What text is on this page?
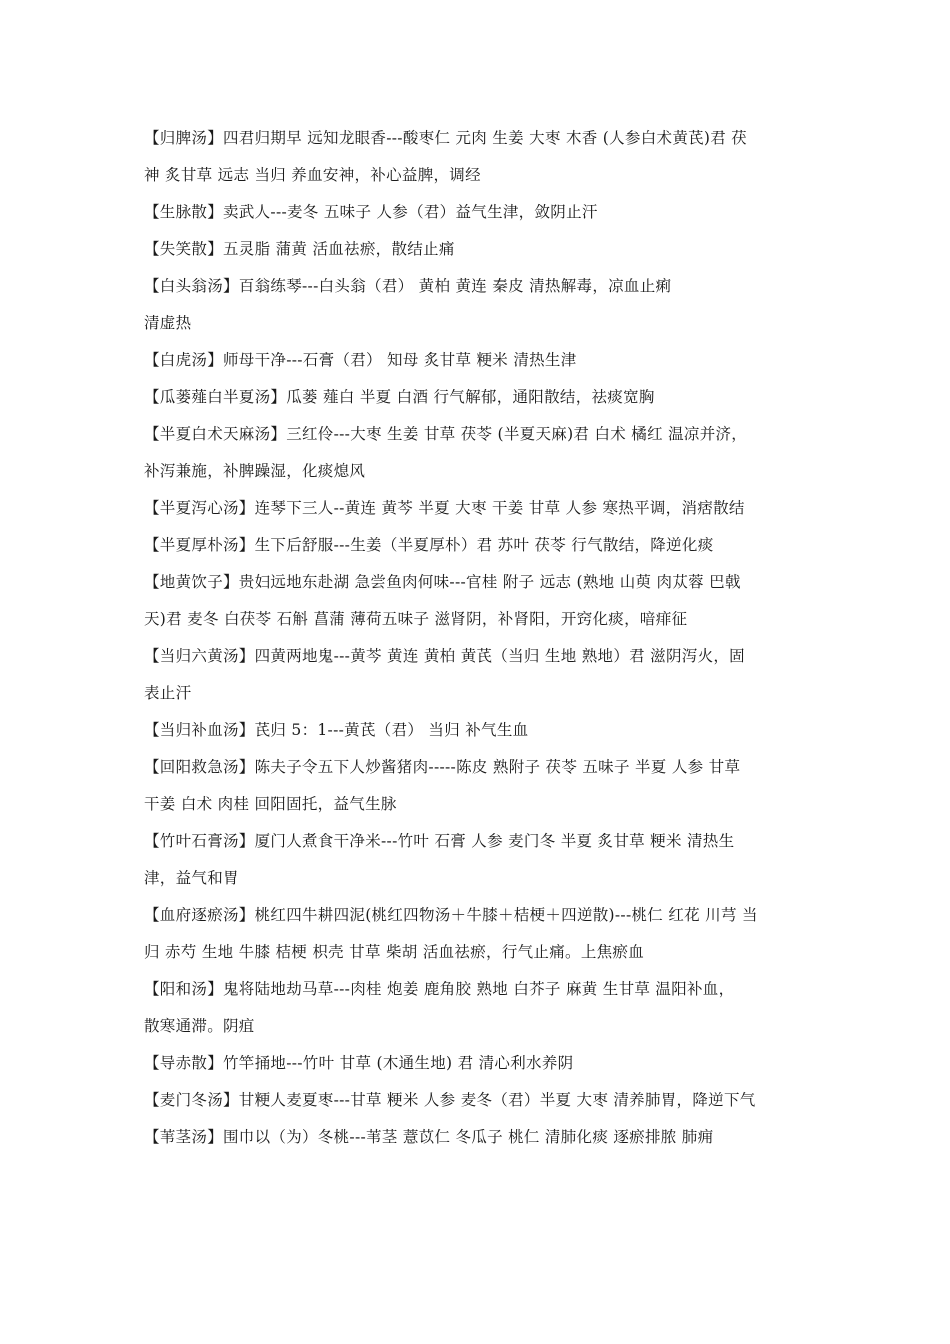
【归脾汤】四君归期早 远知龙眼香---酸枣仁 元肉 生姜 大枣 木香 (人参白术黄芪)君 茯
神 炙甘草 远志 当归 养血安神，补心益脾，调经
【生脉散】卖武人---麦冬 五味子 人参（君）益气生津，敛阴止汗
【失笑散】五灵脂 蒲黄 活血祛瘀，散结止痛
【白头翁汤】百翁练琴---白头翁（君） 黄柏 黄连 秦皮 清热解毒，凉血止痢
清虚热
【白虎汤】师母干净---石膏（君） 知母 炙甘草 粳米 清热生津
【瓜蒌薤白半夏汤】瓜蒌 薤白 半夏 白酒 行气解郁，通阳散结，祛痰宽胸
【半夏白术天麻汤】三红伶---大枣 生姜 甘草 茯苓 (半夏天麻)君 白术 橘红 温凉并济，
补泻兼施，补脾躁湿，化痰熄风
【半夏泻心汤】连琴下三人--黄连 黄芩 半夏 大枣 干姜 甘草 人参 寒热平调，消痞散结
【半夏厚朴汤】生下后舒服---生姜（半夏厚朴）君 苏叶 茯苓 行气散结，降逆化痰
【地黄饮子】贵妇远地东赴湖 急尝鱼肉何味---官桂 附子 远志 (熟地 山萸 肉苁蓉 巴戟
天)君 麦冬 白茯苓 石斛 菖蒲 薄荷五味子 滋肾阴，补肾阳，开窍化痰，喑痱征
【当归六黄汤】四黄两地鬼---黄芩 黄连 黄柏 黄芪（当归 生地 熟地）君 滋阴泻火，固
表止汗
【当归补血汤】芪归 5：1---黄芪（君） 当归 补气生血
【回阳救急汤】陈夫子令五下人炒酱猪肉-----陈皮 熟附子 茯苓 五味子 半夏 人参 甘草
干姜 白术 肉桂 回阳固托，益气生脉
【竹叶石膏汤】厦门人煮食干净米---竹叶 石膏 人参 麦门冬 半夏 炙甘草 粳米 清热生
津，益气和胃
【血府逐瘀汤】桃红四牛耕四泥(桃红四物汤＋牛膝＋桔梗＋四逆散)---桃仁 红花 川芎 当
归 赤芍 生地 牛膝 桔梗 枳壳 甘草 柴胡 活血祛瘀，行气止痛。上焦瘀血
【阳和汤】鬼将陆地劫马草---肉桂 炮姜 鹿角胶 熟地 白芥子 麻黄 生甘草 温阳补血，
散寒通滞。阴疽
【导赤散】竹竿捅地---竹叶 甘草 (木通生地) 君 清心利水养阴
【麦门冬汤】甘粳人麦夏枣---甘草 粳米 人参 麦冬（君）半夏 大枣 清养肺胃，降逆下气
【苇茎汤】围巾以（为）冬桃---苇茎 薏苡仁 冬瓜子 桃仁 清肺化痰 逐瘀排脓 肺痈
